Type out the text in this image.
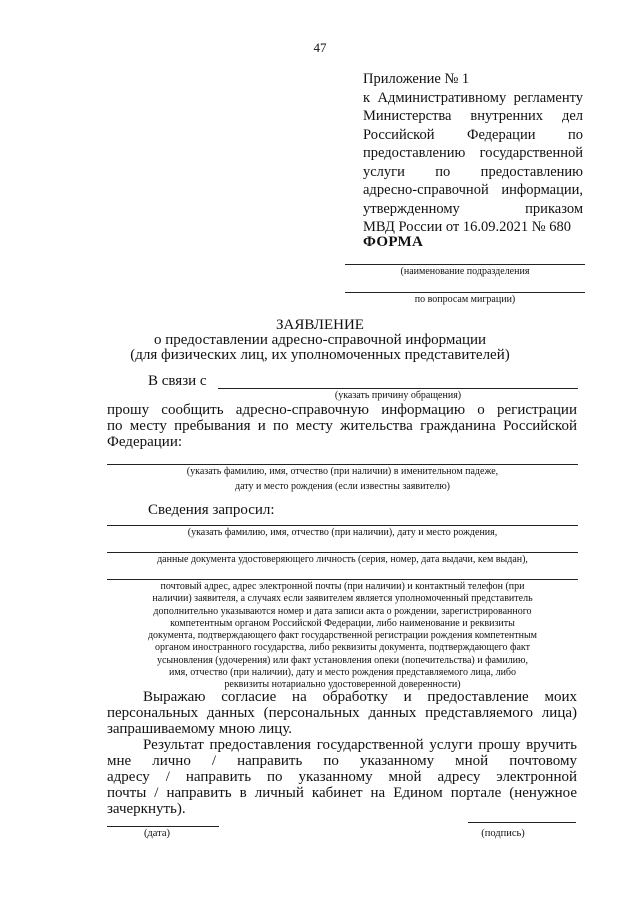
47
Приложение № 1
к Административному регламенту
Министерства внутренних дел
Российской Федерации по
предоставлению государственной
услуги по предоставлению
адресно-справочной информации,
утвержденному приказом
МВД России от 16.09.2021 № 680
ФОРМА
(наименование подразделения
по вопросам миграции)
ЗАЯВЛЕНИЕ
о предоставлении адресно-справочной информации
(для физических лиц, их уполномоченных представителей)
В связи с
(указать причину обращения)
прошу сообщить адресно-справочную информацию о регистрации
по месту пребывания и по месту жительства гражданина Российской
Федерации:
(указать фамилию, имя, отчество (при наличии) в именительном падеже,
дату и место рождения (если известны заявителю)
Сведения запросил:
(указать фамилию, имя, отчество (при наличии), дату и место рождения,
данные документа удостоверяющего личность (серия, номер, дата выдачи, кем выдан),
почтовый адрес, адрес электронной почты (при наличии) и контактный телефон (при
наличии) заявителя, а случаях если заявителем является уполномоченный представитель
дополнительно указываются номер и дата записи акта о рождении, зарегистрированного
компетентным органом Российской Федерации, либо наименование и реквизиты
документа, подтверждающего факт государственной регистрации рождения компетентным
органом иностранного государства, либо реквизиты документа, подтверждающего факт
усыновления (удочерения) или факт установления опеки (попечительства) и фамилию,
имя, отчество (при наличии), дату и место рождения представляемого лица, либо
реквизиты нотариально удостоверенной доверенности)
Выражаю согласие на обработку и предоставление моих
персональных данных (персональных данных представляемого лица)
запрашиваемому мною лицу.
Результат предоставления государственной услуги прошу вручить
мне лично / направить по указанному мной почтовому
адресу / направить по указанному мной адресу электронной
почты / направить в личный кабинет на Едином портале (ненужное
зачеркнуть).
(дата)	(подпись)
